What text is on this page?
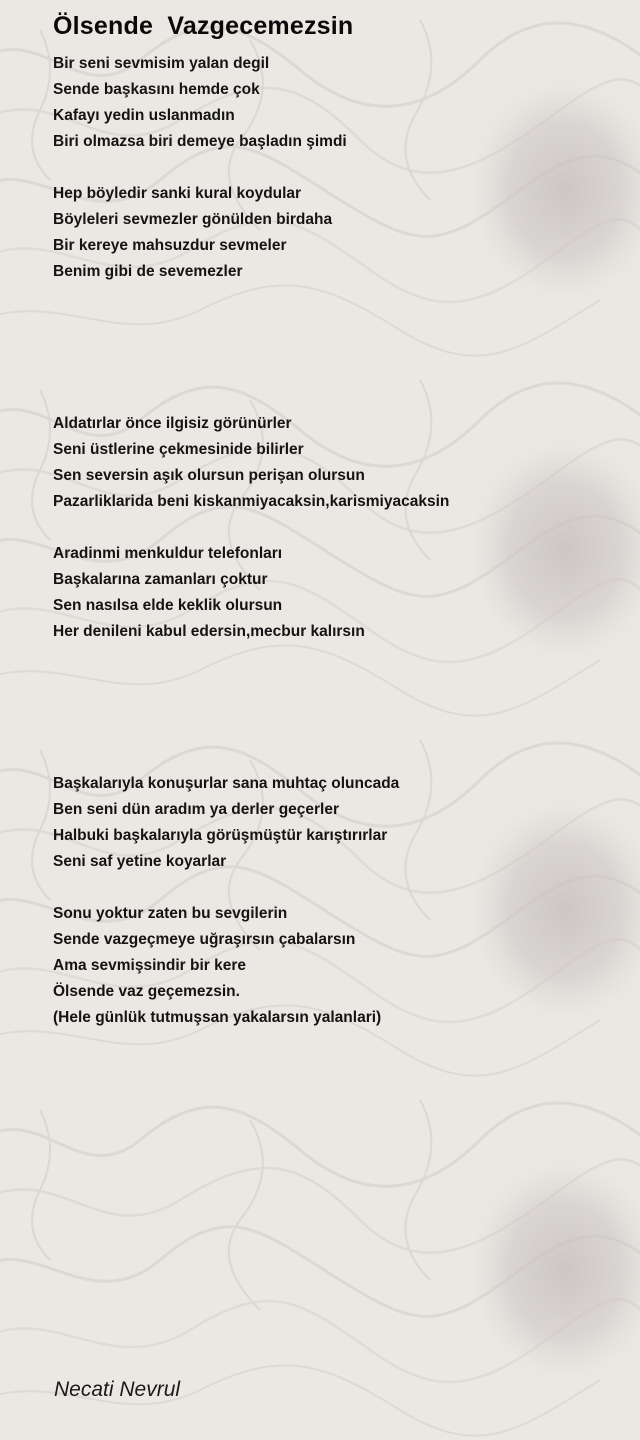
Ölsende  Vazgecemezsin
Bir seni sevmisim yalan degil
Sende başkasını hemde çok
Kafayı yedin uslanmadın
Biri olmazsa biri demeye başladın şimdi
Hep böyledir sanki kural koydular
Böyleleri sevmezler gönülden birdaha
Bir kereye mahsuzdur sevmeler
Benim gibi de sevemezler
Aldatırlar önce ilgisiz görünürler
Seni üstlerine çekmesinide bilirler
Sen seversin aşık olursun perişan olursun
Pazarliklarida beni kiskanmiyacaksin,karismiyacaksin
Aradinmi menkuldur telefonları
Başkalarına zamanları çoktur
Sen nasılsa elde keklik olursun
Her denileni kabul edersin,mecbur kalırsın
Başkalarıyla konuşurlar sana muhtaç oluncada
Ben seni dün aradım ya derler geçerler
Halbuki başkalarıyla görüşmüştür karıştırırlar
Seni saf yetine koyarlar
Sonu yoktur zaten bu sevgilerin
Sende vazgeçmeye uğraşırsın çabalarsın
Ama sevmişsindir bir kere
Ölsende vaz geçemezsin.
(Hele günlük tutmuşsan yakalarsın yalanlari)
Necati Nevrul
